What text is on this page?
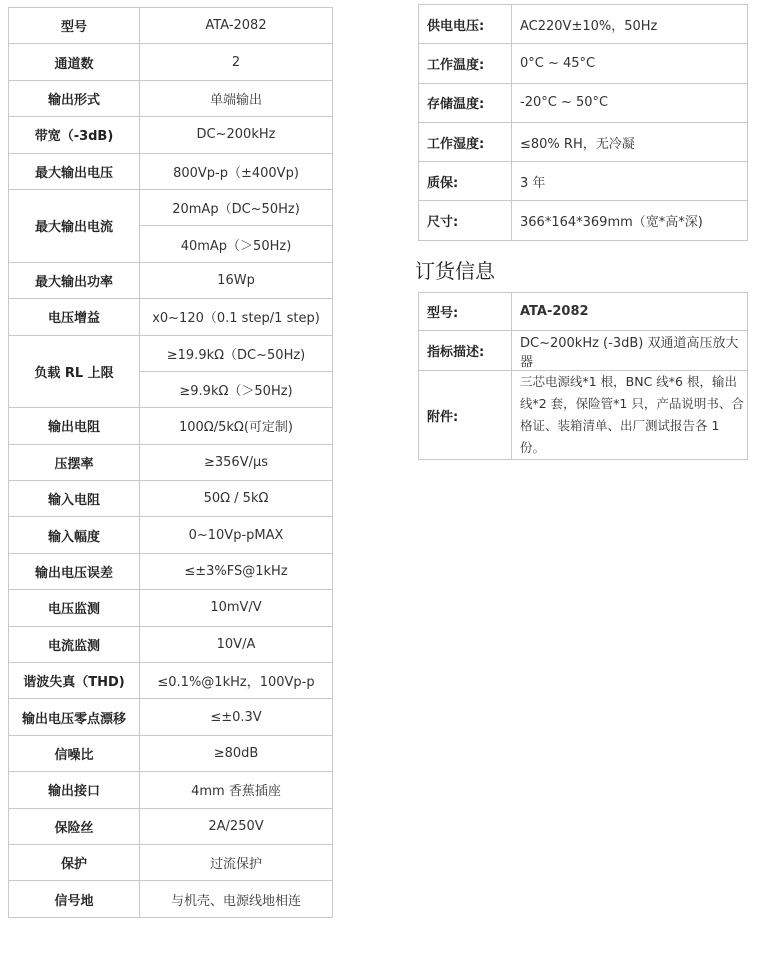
型号	ATA-2082
通道数	2
输出形式	单端输出
带宽（-3dB)	DC~200kHz
最大输出电压	800Vp-p（±400Vp)
最大输出电流	20mAp（DC~50Hz)
	40mAp（＞50Hz)
最大输出功率	16Wp
电压增益	x0~120（0.1 step/1 step)
负载 RL 上限	≥19.9kΩ（DC~50Hz)
	≥9.9kΩ（＞50Hz)
输出电阻	100Ω/5kΩ(可定制)
压摆率	≥356V/μs
输入电阻	50Ω / 5kΩ
输入幅度	0~10Vp-pMAX
输出电压误差	≤±3%FS@1kHz
电压监测	10mV/V
电流监测	10V/A
谐波失真（THD)	≤0.1%@1kHz，100Vp-p
输出电压零点漂移	≤±0.3V
信噪比	≥80dB
输出接口	4mm 香蕉插座
保险丝	2A/250V
保护	过流保护
信号地	与机壳、电源线地相连
供电电压:	AC220V±10%，50Hz
工作温度:	0°C ~ 45°C
存储温度:	-20°C ~ 50°C
工作湿度:	≤80% RH，无冷凝
质保:	3 年
尺寸:	366*164*369mm（宽*高*深)
订货信息
型号:	ATA-2082
指标描述:	DC~200kHz (-3dB) 双通道高压放大器
附件:	三芯电源线*1 根，BNC 线*6 根，输出线*2 套，保险管*1 只，产品说明书、合格证、装箱清单、出厂测试报告各 1 份。
